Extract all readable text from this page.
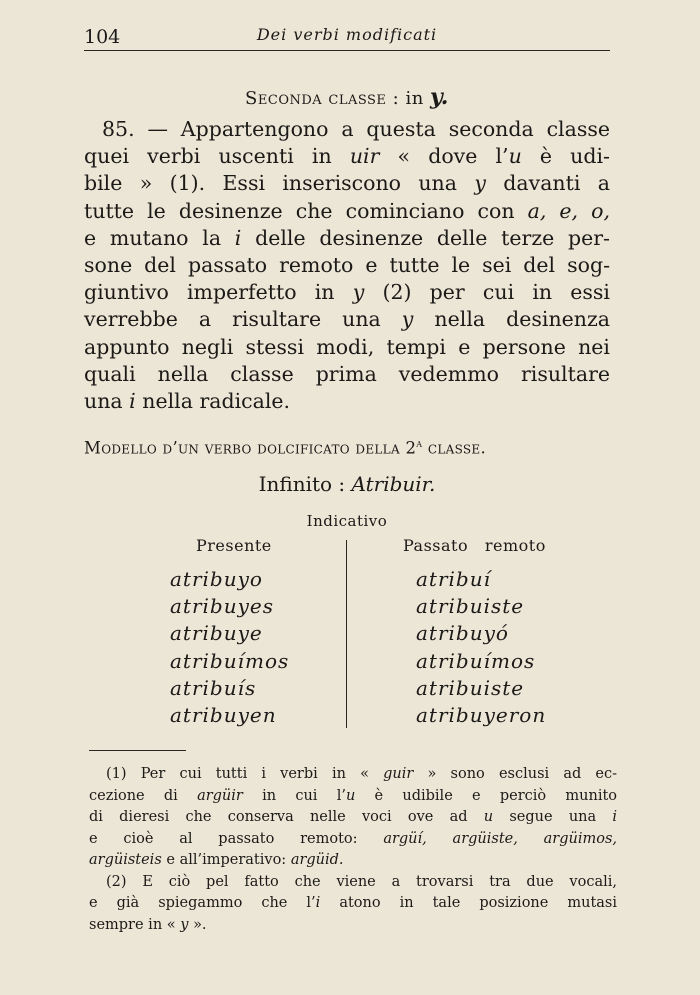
104	Dei verbi modificati
Seconda classe : in y.
85. — Appartengono a questa seconda classe
quei verbi uscenti in uir « dove l’u è udi-
bile » (1). Essi inseriscono una y davanti a
tutte le desinenze che cominciano con a, e, o,
e mutano la i delle desinenze delle terze per-
sone del passato remoto e tutte le sei del sog-
giuntivo imperfetto in y (2) per cui in essi
verrebbe a risultare una y nella desinenza
appunto negli stessi modi, tempi e persone nei
quali nella classe prima vedemmo risultare
una i nella radicale.
Modello d’un verbo dolcificato della 2$^a$ classe.
Infinito : Atribuir.
Indicativo
Presente	Passato   remoto
atribuyo
atribuyes
atribuye
atribuímos
atribuís
atribuyen
atribuí
atribuiste
atribuyó
atribuímos
atribuiste
atribuyeron
(1) Per cui tutti i verbi in « guir » sono esclusi ad ec-
cezione di argüir in cui l’u è udibile e perciò munito
di dieresi che conserva nelle voci ove ad u segue una i
e cioè al passato remoto: argüí, argüiste, argüimos,
argüisteis e all’imperativo: argüid.
(2) E ciò pel fatto che viene a trovarsi tra due vocali,
e già spiegammo che l’i atono in tale posizione mutasi
sempre in « y ».
